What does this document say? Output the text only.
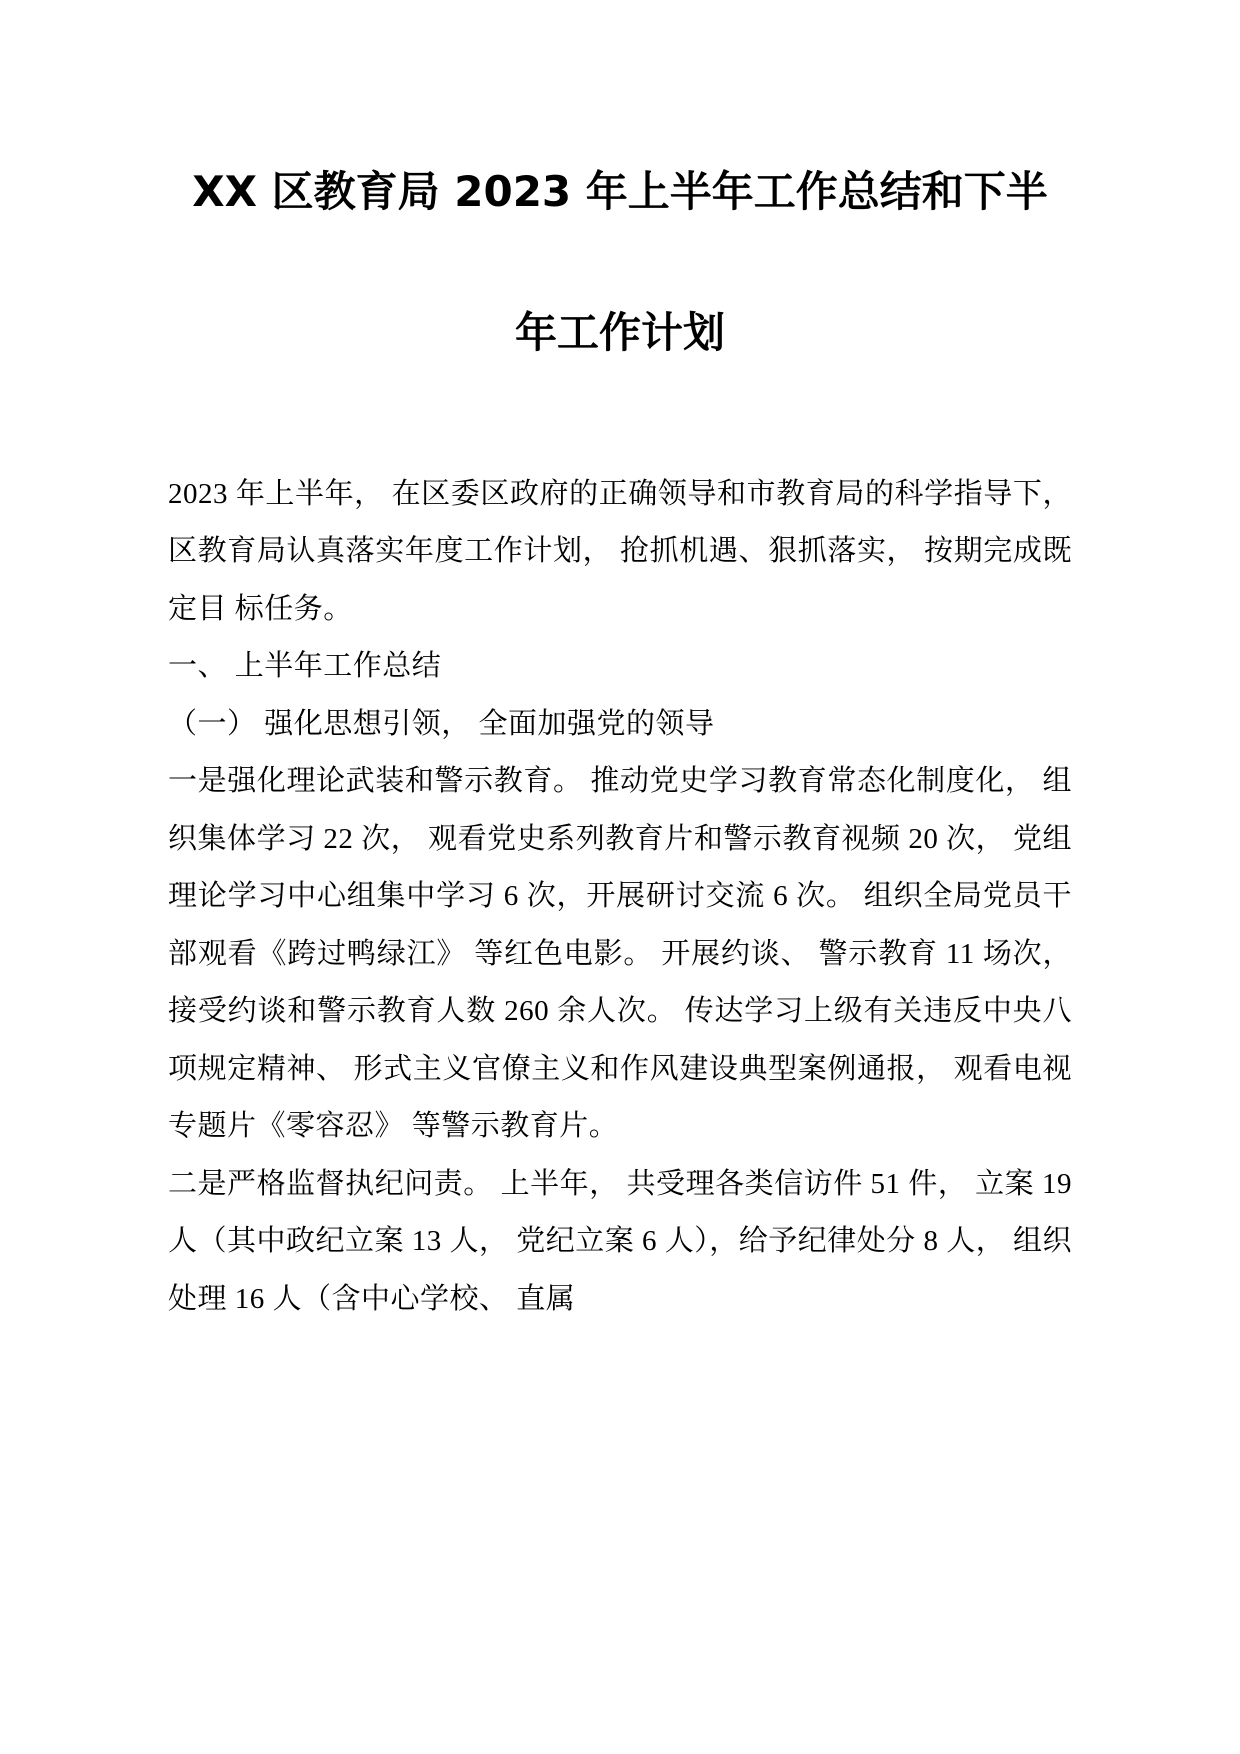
XX 区教育局 2023 年上半年工作总结和下半
年工作计划

2023 年上半年， 在区委区政府的正确领导和市教育局的科学指导下， 区教育局认真落实年度工作计划， 抢抓机遇、狠抓落实， 按期完成既定目 标任务。

一、 上半年工作总结

（一） 强化思想引领， 全面加强党的领导

一是强化理论武装和警示教育。 推动党史学习教育常态化制度化， 组织集体学习 22 次， 观看党史系列教育片和警示教育视频 20 次， 党组理论学习中心组集中学习 6 次，开展研讨交流 6 次。 组织全局党员干部观看《跨过鸭绿江》 等红色电影。 开展约谈、 警示教育 11 场次， 接受约谈和警示教育人数 260 余人次。 传达学习上级有关违反中央八项规定精神、 形式主义官僚主义和作风建设典型案例通报， 观看电视专题片《零容忍》 等警示教育片。

二是严格监督执纪问责。 上半年， 共受理各类信访件 51 件， 立案 19 人（其中政纪立案 13 人， 党纪立案 6 人），给予纪律处分 8 人， 组织处理 16 人（含中心学校、 直属
